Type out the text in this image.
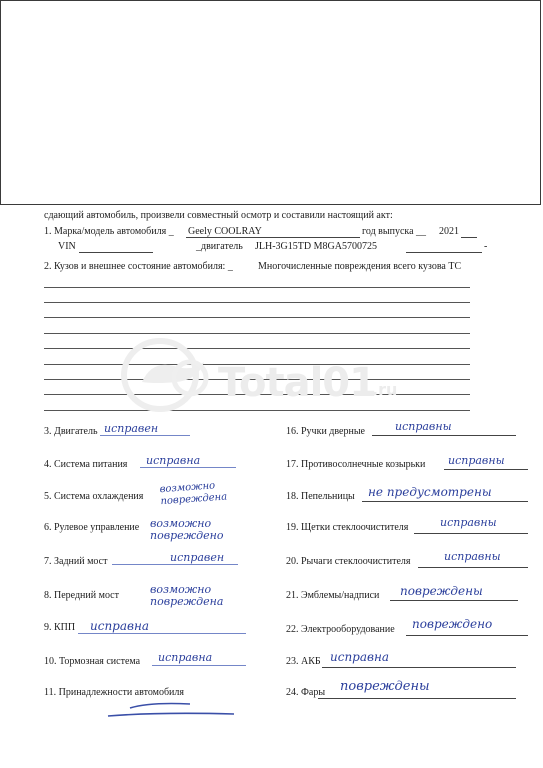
сдающий автомобиль, произвели совместный осмотр и составили настоящий акт:
1. Марка/модель автомобиля _ Geely COOLRAY	год выпуска __ 2021
VIN	_двигатель JLH-3G15TD M8GA5700725	-
2. Кузов и внешнее состояние автомобиля: _	Многочисленные повреждения всего кузова ТС
Total01
.ru
3. Двигатель исправен
4. Система питания исправна
5. Система охлаждения
возможно повреждена
6. Рулевое управление возможно повреждено
7. Задний мост	исправен
8. Передний мост	возможно повреждена
9. КПП исправна
10. Тормозная система исправна
11. Принадлежности автомобиля
16. Ручки дверные	исправны
17. Противосолнечные козырьки исправны
18. Пепельницы не предусмотрены
19. Щетки стеклоочистителя	исправны
20. Рычаги стеклоочистителя	исправны
21. Эмблемы/надписи повреждены
22. Электрооборудование повреждено
23. АКБ исправна
24. Фары повреждены
